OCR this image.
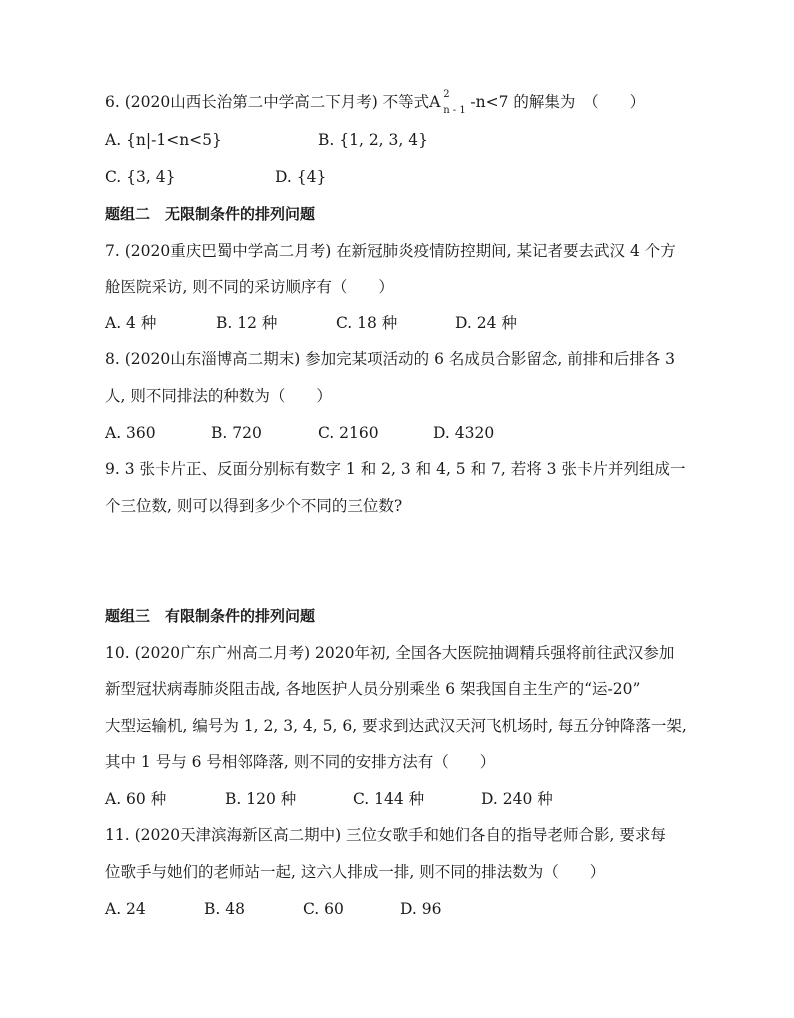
6. (2020山西长治第二中学高二下月考) 不等式A 2
n - 1 -n<7 的解集为　（　　）
A. {n|-1<n<5}	B. {1, 2, 3, 4}
C. {3, 4}	D. {4}
题组二　无限制条件的排列问题
7. (2020重庆巴蜀中学高二月考) 在新冠肺炎疫情防控期间, 某记者要去武汉 4 个方
舱医院采访, 则不同的采访顺序有（　　）
A. 4 种	B. 12 种	C. 18 种	D. 24 种
8. (2020山东淄博高二期末) 参加完某项活动的 6 名成员合影留念, 前排和后排各 3
人, 则不同排法的种数为（　　）
A. 360	B. 720	C. 2160	D. 4320
9. 3 张卡片正、反面分别标有数字 1 和 2, 3 和 4, 5 和 7, 若将 3 张卡片并列组成一
个三位数, 则可以得到多少个不同的三位数?
题组三　有限制条件的排列问题
10. (2020广东广州高二月考) 2020年初, 全国各大医院抽调精兵强将前往武汉参加
新型冠状病毒肺炎阻击战, 各地医护人员分别乘坐 6 架我国自主生产的“运-20”
大型运输机, 编号为 1, 2, 3, 4, 5, 6, 要求到达武汉天河飞机场时, 每五分钟降落一架,
其中 1 号与 6 号相邻降落, 则不同的安排方法有（　　）
A. 60 种	B. 120 种	C. 144 种	D. 240 种
11. (2020天津滨海新区高二期中) 三位女歌手和她们各自的指导老师合影, 要求每
位歌手与她们的老师站一起, 这六人排成一排, 则不同的排法数为（　　）
A. 24	B. 48	C. 60	D. 96
